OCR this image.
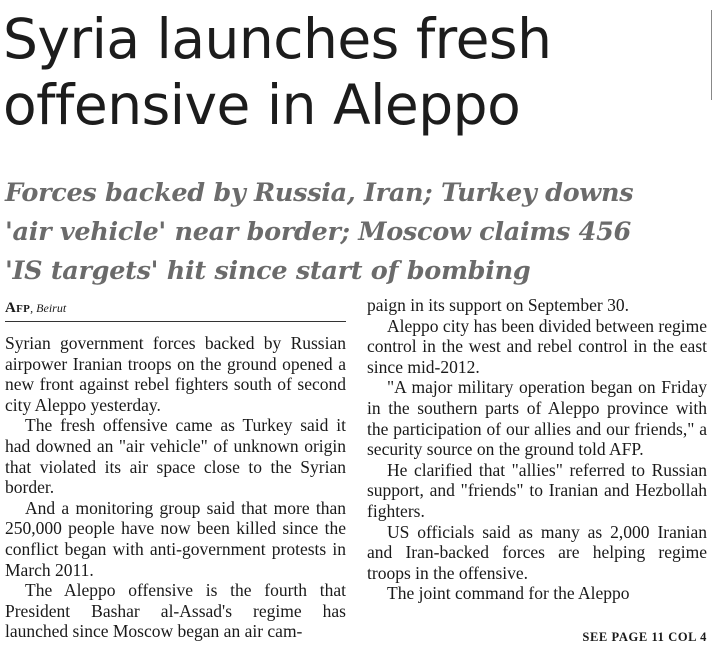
Syria launches fresh
offensive in Aleppo
Forces backed by Russia, Iran; Turkey downs
'air vehicle' near border; Moscow claims 456
'IS targets' hit since start of bombing
Afp , Beirut

Syrian government forces backed by Russian airpower Iranian troops on the ground opened a new front against rebel fighters south of second city Aleppo yesterday.

The fresh offensive came as Turkey said it had downed an "air vehicle" of unknown origin that violated its air space close to the Syrian border.

And a monitoring group said that more than 250,000 people have now been killed since the conflict began with anti-government protests in March 2011.

The Aleppo offensive is the fourth that President Bashar al-Assad's regime has launched since Moscow began an air cam-

paign in its support on September 30.

Aleppo city has been divided between regime control in the west and rebel control in the east since mid-2012.

"A major military operation began on Friday in the southern parts of Aleppo province with the participation of our allies and our friends," a security source on the ground told AFP.

He clarified that "allies" referred to Russian support, and "friends" to Iranian and Hezbollah fighters.

US officials said as many as 2,000 Iranian and Iran-backed forces are helping regime troops in the offensive.

The joint command for the Aleppo

SEE PAGE 11 COL 4
